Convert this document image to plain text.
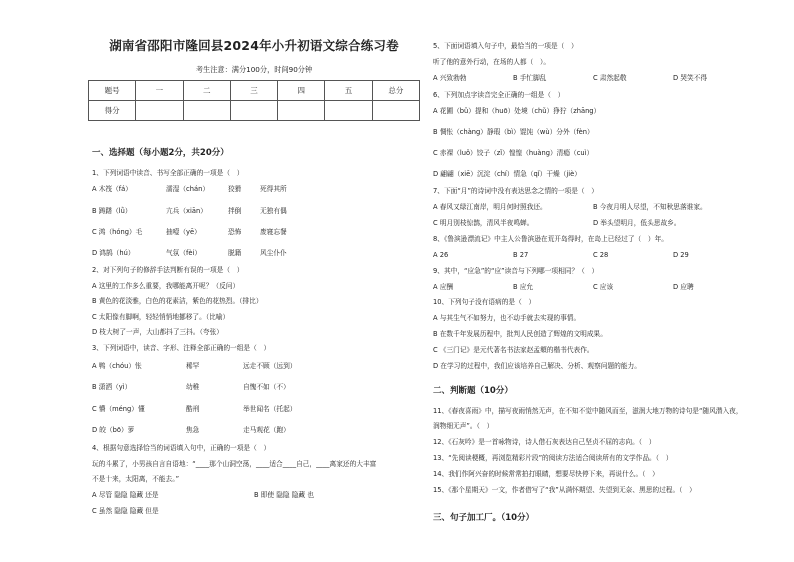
湖南省邵阳市隆回县2024年小升初语文综合练习卷
考生注意：满分100分，时间90分钟
题号	一	二	三	四	五	总分
得分						
一、选择题（每小题2分，共20分）
1、下列词语中读音、书写全部正确的一项是（　）
A 木筏（fá）	濡湿（chán）	狡猾	死得其所
B 踌躇（lǜ）	亢兵（xiān）	拌倒	无独有偶
C 鸿（hóng）毛	抽噎（yē）	恐怖	废寝忘餐
D 鸿鹄（hú）	气氛（fèi）	脱籍	风尘仆仆
2、对下列句子的修辞手法判断有误的一项是（　）
A 这里的工作多么重要，我哪能离开呢？（反问）
B 黄色的花淡雅，白色的花素洁，紫色的花热烈。（排比）
C 太阳像有脚啊，轻轻悄悄地挪移了。（比喻）
D 枝大树了一声，大山都抖了三抖。（夸张）
3、下列词语中，读音、字形、注释全部正确的一组是（　）
A 鸭（chóu）怅	稀罕	远走不顾（远到）
B 潇洒（yì）	幼稚	自愧不如（不）
C 懵（méng）懂	酷刑	举世闻名（托起）
D 皎（bō）萝	焦急	走马观花（跑）
4、根据句意选择恰当的词语填入句中，正确的一项是（　）
玩的斗累了，小男孩自言自语地：“____那个山洞空荡，____适合____自己，____离家还的大丰富
不是十来，太阳离，不能去。”
A 尽管 隐隐 隐藏 还是	B 即使 隐隐 隐藏 也
C 虽然 隐隐 隐藏 但是
5、下面词语填入句子中，最恰当的一项是（　）
听了他的意外行动，在场的人都（　）。
A 兴致勃勃	B 手忙脚乱	C 肃然起敬	D 哭笑不得
6、下列加点字读音完全正确的一组是（　）
A 花圃（bǔ）提和（huō）处境（chǔ）狰狞（zhāng）
B 惆怅（chàng）静瑕（bì）馄饨（wù）分外（fèn）
C 赤裸（luǒ）饺子（zǐ）惶惶（huàng）清瘾（cuì）
D 翩翩（xiē）沉淀（chí）情急（qǐ）干燥（jiè）
7、下面“月”的诗词中没有表达思念之情的一项是（　）
A 春风又绿江南岸，明月何时照我还。	B 今夜月明人尽望，不知秋思落谁家。
C 明月别枝惊鹊，清风半夜鸣蝉。	D 举头望明月，低头思故乡。
8、《鲁滨逊漂流记》中主人公鲁滨逊在荒开岛得时，在岛上已经过了（　）年。
A 26	B 27	C 28	D 29
9、其中，“应急”的“应”读音与下列哪一项相同？（　）
A 应酬	B 应允	C 应该	D 应聘
10、下列句子没有语病的是（　）
A 与其生气不如努力，也不动手就去实现的事情。
B 在数千年发展历程中，批判人民创造了辉煌的文明成果。
C 《三门记》是元代著名书法家赵孟頫的楷书代表作。
D 在学习的过程中，我们应该培养自己解决、分析、观察问题的能力。
二、判断题（10分）
11、《春夜喜雨》中，描写夜雨悄然无声，在不知不觉中随风而至，滋润大地万物的诗句是“随风潜入夜，
润物细无声”。（　）
12、《石灰吟》是一首咏物诗，诗人借石灰表达自己坚贞不屈的志向。（　）
13、“先阅读梗概，再浏览精彩片段”的阅读方法适合阅读所有的文学作品。（　）
14、我们作阿兴奋的时候常常拍打眼睛，想要尽快停下来，再说什么。（　）
15、《那个星期天》一文，作者借写了“我”从满怀期望、失望到无奈、黑思的过程。（　）
三、句子加工厂。（10分）
